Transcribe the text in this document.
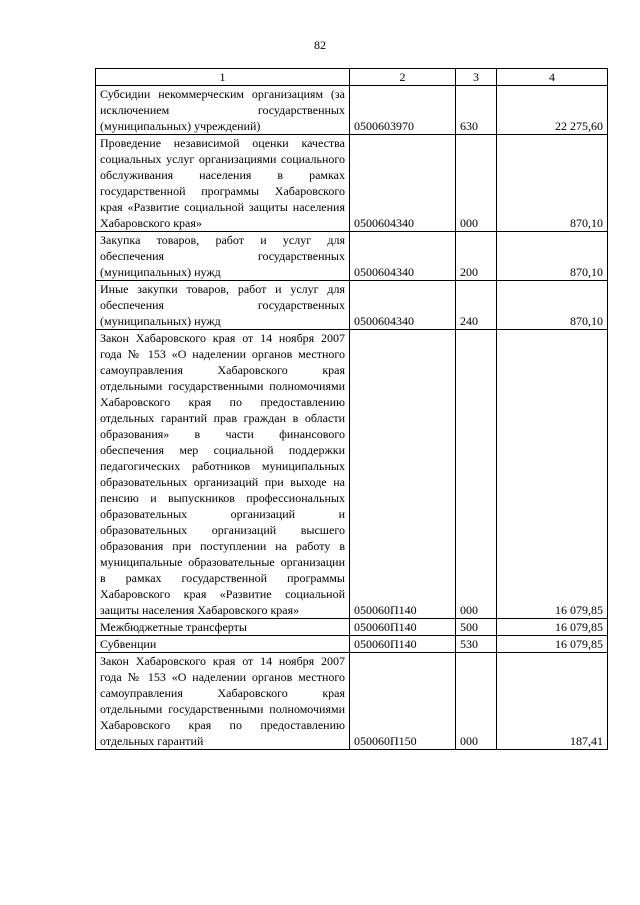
82
1	2	3	4
Субсидии некоммерческим организациям (за исключением государственных (муниципальных) учреждений)	0500603970	630	22 275,60
Проведение независимой оценки качества социальных услуг организациями социального обслуживания населения в рамках государственной программы Хабаровского края «Развитие социальной защиты населения Хабаровского края»	0500604340	000	870,10
Закупка товаров, работ и услуг для обеспечения государственных (муниципальных) нужд	0500604340	200	870,10
Иные закупки товаров, работ и услуг для обеспечения государственных (муниципальных) нужд	0500604340	240	870,10
Закон Хабаровского края от 14 ноября 2007 года № 153 «О наделении органов местного самоуправления Хабаровского края отдельными государственными полномочиями Хабаровского края по предоставлению отдельных гарантий прав граждан в области образования» в части финансового обеспечения мер социальной поддержки педагогических работников муниципальных образовательных организаций при выходе на пенсию и выпускников профессиональных образовательных организаций и образовательных организаций высшего образования при поступлении на работу в муниципальные образовательные организации в рамках государственной программы Хабаровского края «Развитие социальной защиты населения Хабаровского края»	050060П140	000	16 079,85
Межбюджетные трансферты	050060П140	500	16 079,85
Субвенции	050060П140	530	16 079,85
Закон Хабаровского края от 14 ноября 2007 года № 153 «О наделении органов местного самоуправления Хабаровского края отдельными государственными полномочиями Хабаровского края по предоставлению отдельных гарантий	050060П150	000	187,41
